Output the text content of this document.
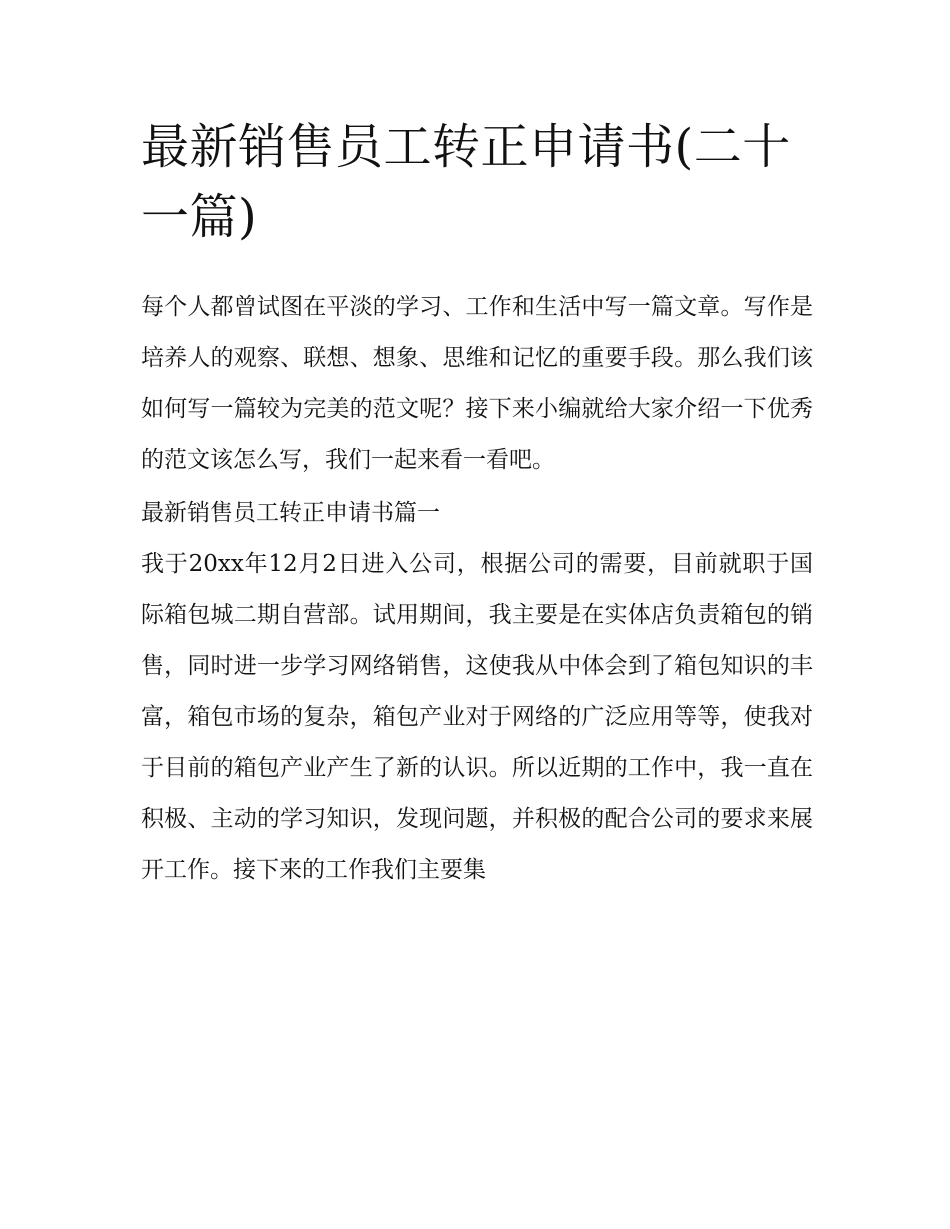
最新销售员工转正申请书(二十一篇)

每个人都曾试图在平淡的学习、工作和生活中写一篇文章。写作是培养人的观察、联想、想象、思维和记忆的重要手段。那么我们该如何写一篇较为完美的范文呢？接下来小编就给大家介绍一下优秀的范文该怎么写，我们一起来看一看吧。

最新销售员工转正申请书篇一

我于20xx年12月2日进入公司，根据公司的需要，目前就职于国际箱包城二期自营部。试用期间，我主要是在实体店负责箱包的销售，同时进一步学习网络销售，这使我从中体会到了箱包知识的丰富，箱包市场的复杂，箱包产业对于网络的广泛应用等等，使我对于目前的箱包产业产生了新的认识。所以近期的工作中，我一直在积极、主动的学习知识，发现问题，并积极的配合公司的要求来展开工作。接下来的工作我们主要集
